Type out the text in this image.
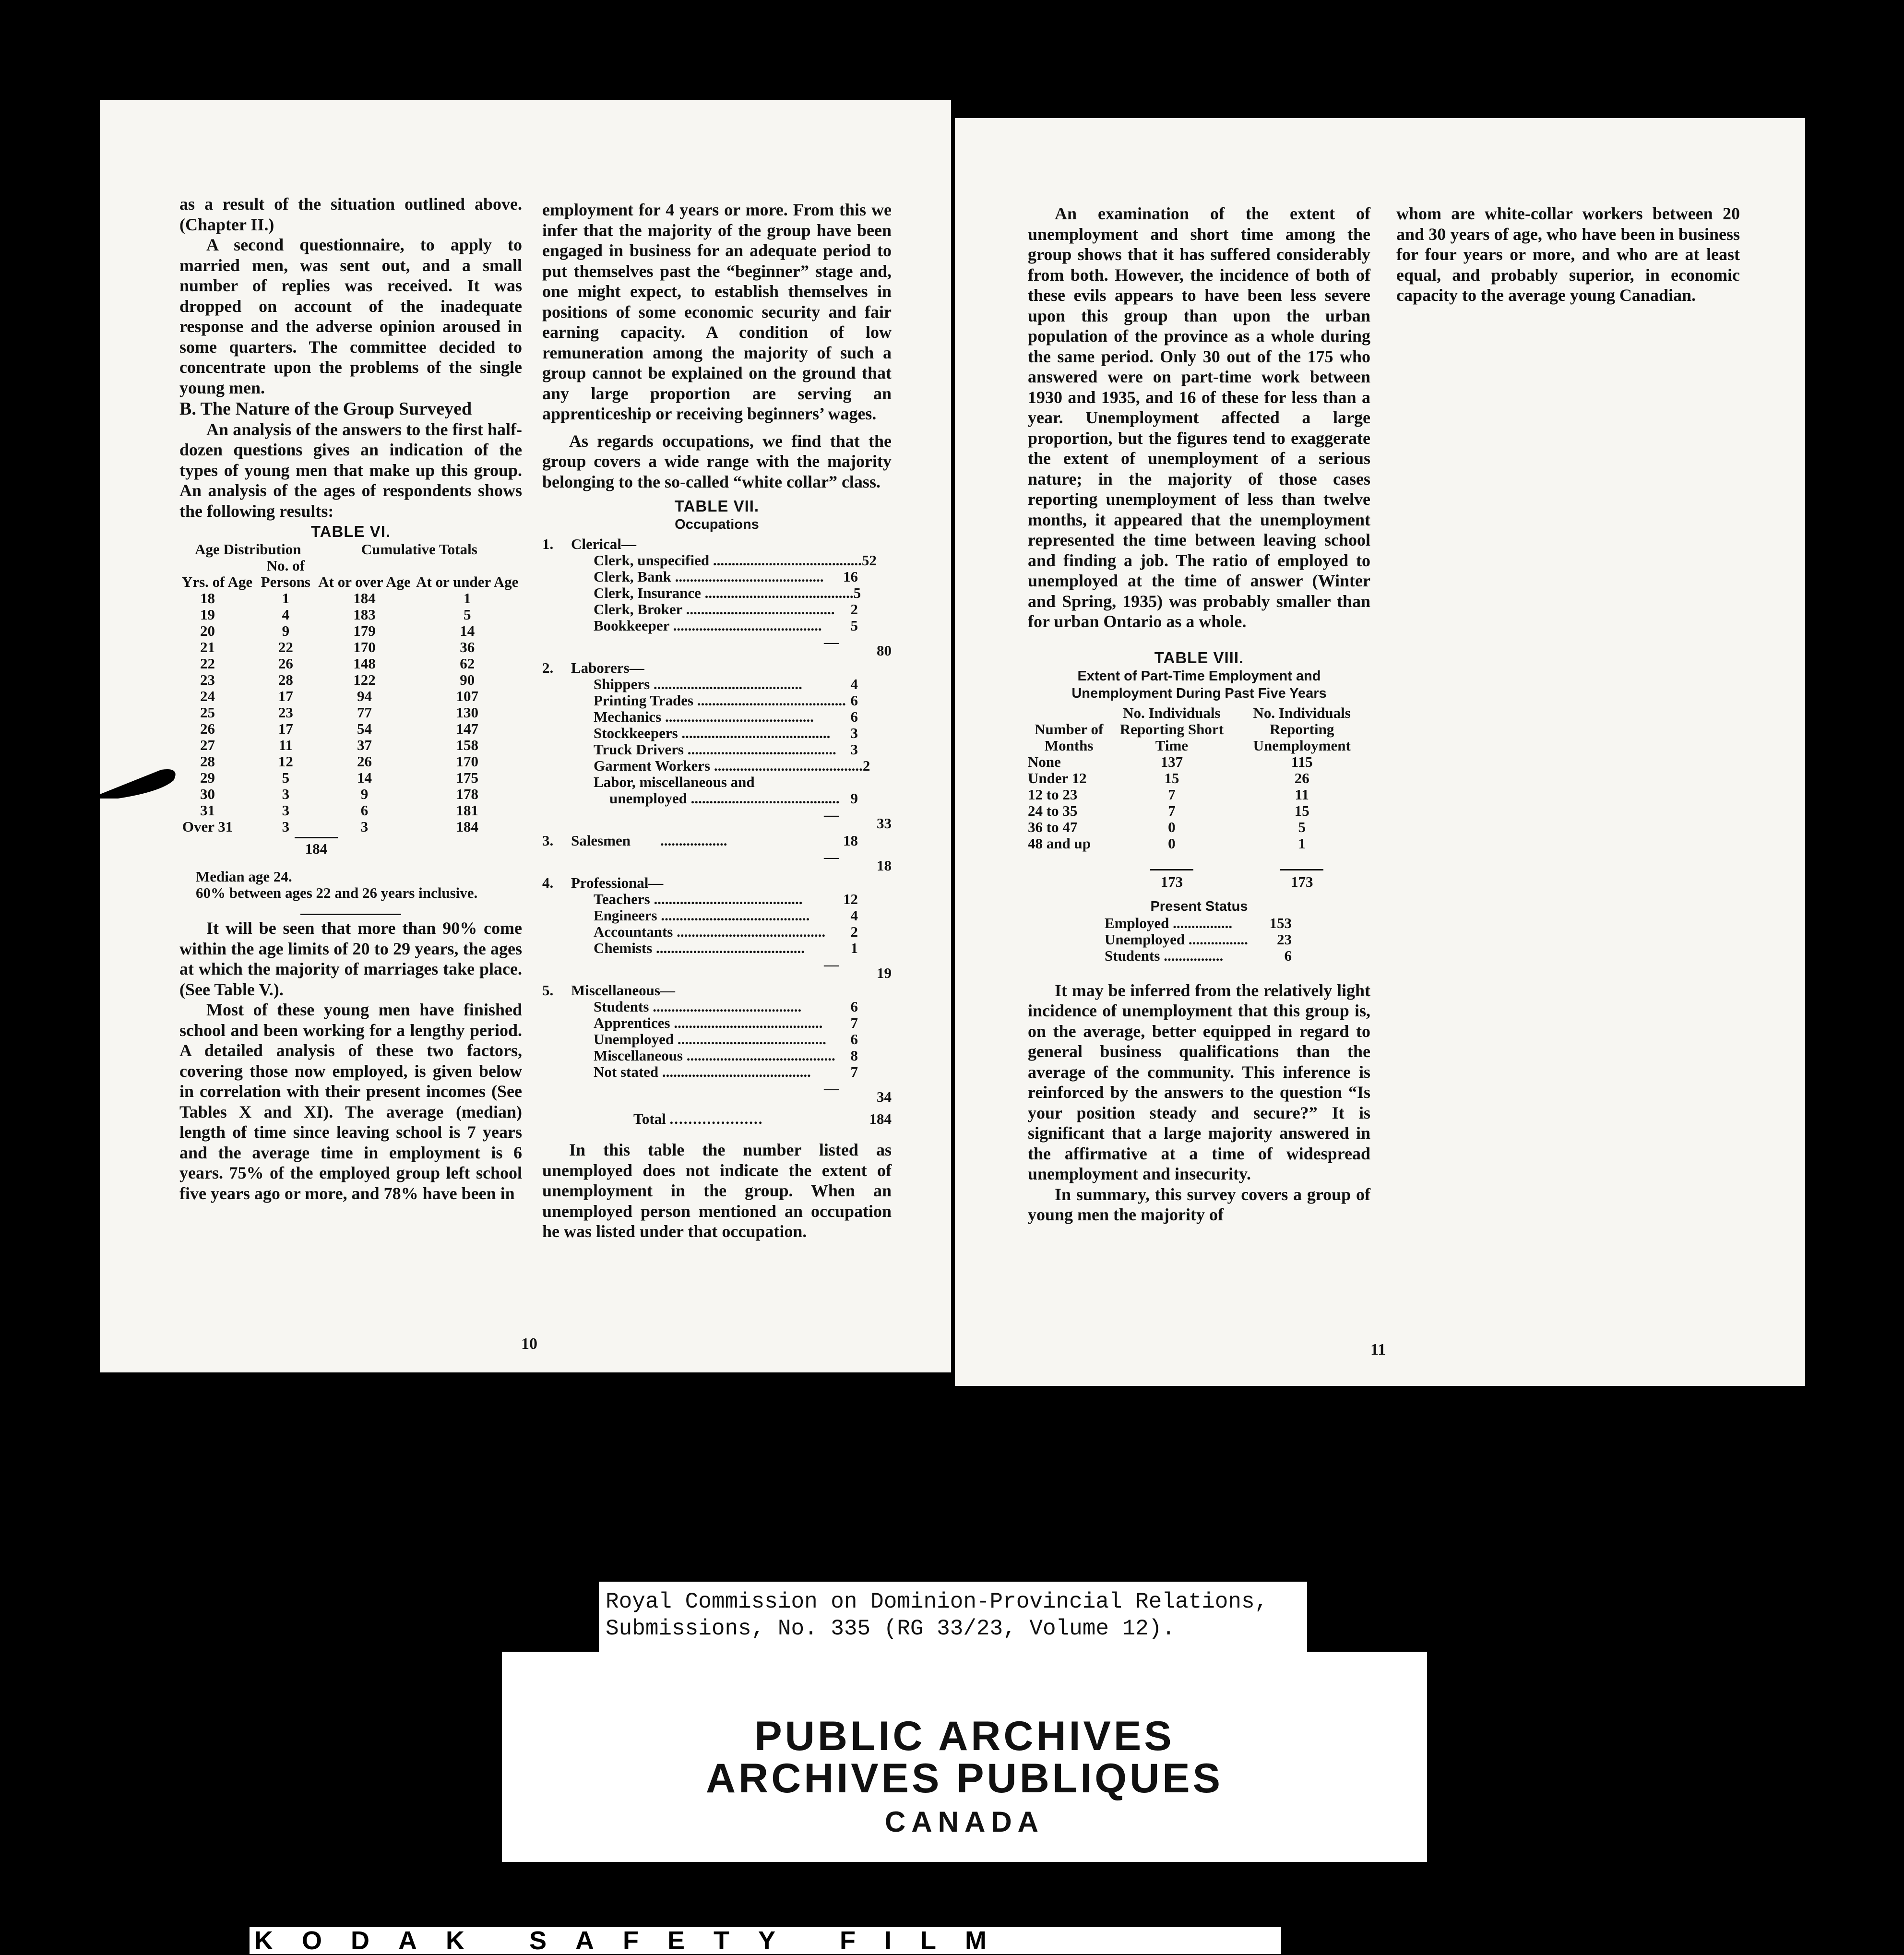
as a result of the situation outlined above. (Chapter II.)

A second questionnaire, to apply to married men, was sent out, and a small number of replies was received. It was dropped on account of the inadequate response and the adverse opinion aroused in some quarters. The committee decided to concentrate upon the problems of the single young men.

B. The Nature of the Group Surveyed

An analysis of the answers to the first half-dozen questions gives an indication of the types of young men that make up this group. An analysis of the ages of respondents shows the following results:

TABLE VI.
Age Distribution		Cumulative Totals	
Yrs. of Age	No. of Persons	At or over Age	At or under Age
18	1	184	1
19	4	183	5
20	9	179	14
21	22	170	36
22	26	148	62
23	28	122	90
24	17	94	107
25	23	77	130
26	17	54	147
27	11	37	158
28	12	26	170
29	5	14	175
30	3	9	178
31	3	6	181
Over 31	3	3	184
184
Median age 24.
60% between ages 22 and 26 years inclusive.

It will be seen that more than 90% come within the age limits of 20 to 29 years, the ages at which the majority of marriages take place. (See Table V.).

Most of these young men have finished school and been working for a lengthy period. A detailed analysis of these two factors, covering those now employed, is given below in correlation with their present incomes (See Tables X and XI). The average (median) length of time since leaving school is 7 years and the average time in employment is 6 years. 75% of the employed group left school five years ago or more, and 78% have been in

employment for 4 years or more. From this we infer that the majority of the group have been engaged in business for an adequate period to put themselves past the “beginner” stage and, one might expect, to establish themselves in positions of some economic security and fair earning capacity. A condition of low remuneration among the majority of such a group cannot be explained on the ground that any large proportion are serving an apprenticeship or receiving beginners’ wages.

As regards occupations, we find that the group covers a wide range with the majority belonging to the so-called “white collar” class.

TABLE VII.
Occupations
1.	Clerical—
Clerk, unspecified ........................................ 52
Clerk, Bank ........................................	16
Clerk, Insurance ........................................ 5
Clerk, Broker ........................................	2
Bookkeeper ........................................	5
—
80
2.	Laborers—
Shippers ........................................	4
Printing Trades ........................................ 6
Mechanics ........................................	6
Stockkeepers ........................................	3
Truck Drivers ........................................ 3
Garment Workers ........................................ 2
Labor, miscellaneous and
unemployed ........................................ 9
—
33
3.	Salesmen	..................	18
—
18
4.	Professional—
Teachers ........................................	12
Engineers ........................................	4
Accountants ........................................	2
Chemists ........................................	1
—
19
5.	Miscellaneous—
Students ........................................	6
Apprentices ........................................	7
Unemployed ........................................	6
Miscellaneous ........................................	8
Not stated ........................................	7
—
34
Total ....................	184

In this table the number listed as unemployed does not indicate the extent of unemployment in the group. When an unemployed person mentioned an occupation he was listed under that occupation.

10

An examination of the extent of unemployment and short time among the group shows that it has suffered considerably from both. However, the incidence of both of these evils appears to have been less severe upon this group than upon the urban population of the province as a whole during the same period. Only 30 out of the 175 who answered were on part-time work between 1930 and 1935, and 16 of these for less than a year. Unemployment affected a large proportion, but the figures tend to exaggerate the extent of unemployment of a serious nature; in the majority of those cases reporting unemployment of less than twelve months, it appeared that the unemployment represented the time between leaving school and finding a job. The ratio of employed to unemployed at the time of answer (Winter and Spring, 1935) was probably smaller than for urban Ontario as a whole.

TABLE VIII.
Extent of Part-Time Employment and Unemployment During Past Five Years
Number of Months	No. Individuals Reporting Short Time	No. Individuals Reporting Unemployment
None	137	115
Under 12	15	26
12 to 23	7	11
24 to 35	7	15
36 to 47	0	5
48 and up	0	1

	173	173
Present Status
Employed ................	153
Unemployed ................	23
Students ................	6

It may be inferred from the relatively light incidence of unemployment that this group is, on the average, better equipped in regard to general business qualifications than the average of the community. This inference is reinforced by the answers to the question “Is your position steady and secure?” It is significant that a large majority answered in the affirmative at a time of widespread unemployment and insecurity.

In summary, this survey covers a group of young men the majority of

whom are white-collar workers between 20 and 30 years of age, who have been in business for four years or more, and who are at least equal, and probably superior, in economic capacity to the average young Canadian.

11
Royal Commission on Dominion-Provincial Relations,
Submissions, No. 335 (RG 33/23, Volume 12).
PUBLIC ARCHIVES
ARCHIVES PUBLIQUES
CANADA
KODAK SAFETY FILM
